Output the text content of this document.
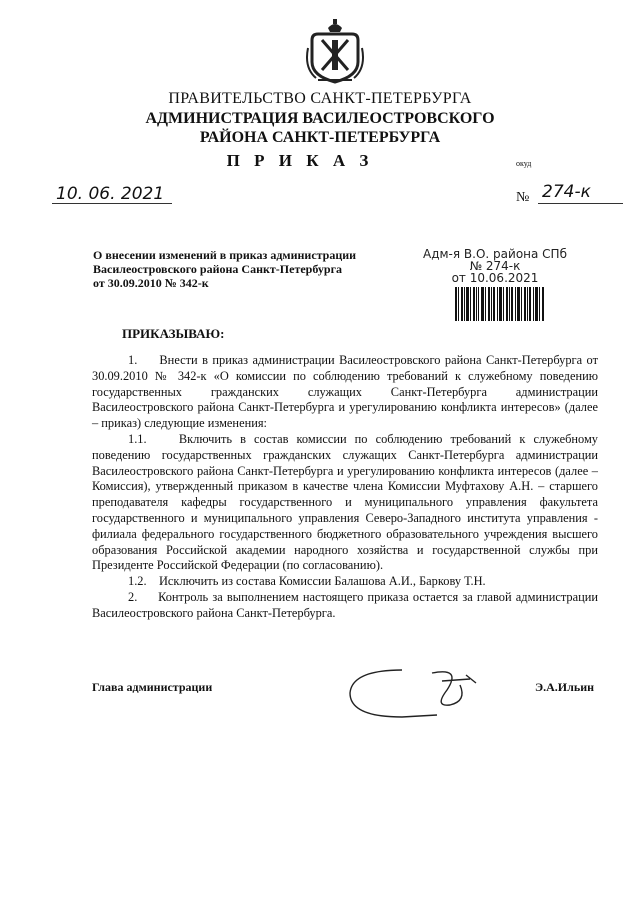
ПРАВИТЕЛЬСТВО САНКТ-ПЕТЕРБУРГА
АДМИНИСТРАЦИЯ ВАСИЛЕОСТРОВСКОГО
РАЙОНА САНКТ-ПЕТЕРБУРГА
П Р И К А З	окуд
10. 06. 2021	№ 274-к
О внесении изменений в приказ администрации
Василеостровского района Санкт-Петербурга
от 30.09.2010 № 342-к
Адм-я В.О. района СПб
№ 274-к
от 10.06.2021
ПРИКАЗЫВАЮ:

1.     Внести в приказ администрации Василеостровского района Санкт-Петербурга от 30.09.2010 № 342-к «О комиссии по соблюдению требований к служебному поведению государственных гражданских служащих Санкт-Петербурга администрации Василеостровского района Санкт-Петербурга и урегулированию конфликта интересов» (далее – приказ) следующие изменения:

1.1.    Включить в состав комиссии по соблюдению требований к служебному поведению государственных гражданских служащих Санкт-Петербурга администрации Василеостровского района Санкт-Петербурга и урегулированию конфликта интересов (далее – Комиссия), утвержденный приказом в качестве члена Комиссии Муфтахову А.Н. – старшего преподавателя кафедры государственного и муниципального управления факультета государственного и муниципального управления Северо-Западного института управления - филиала федерального государственного бюджетного образовательного учреждения высшего образования Российской академии народного хозяйства и государственной службы при Президенте Российской Федерации (по согласованию).

1.2.    Исключить из состава Комиссии Балашова А.И., Баркову Т.Н.

2.     Контроль за выполнением настоящего приказа остается за главой администрации Василеостровского района Санкт-Петербурга.

Глава администрации	Э.А.Ильин
